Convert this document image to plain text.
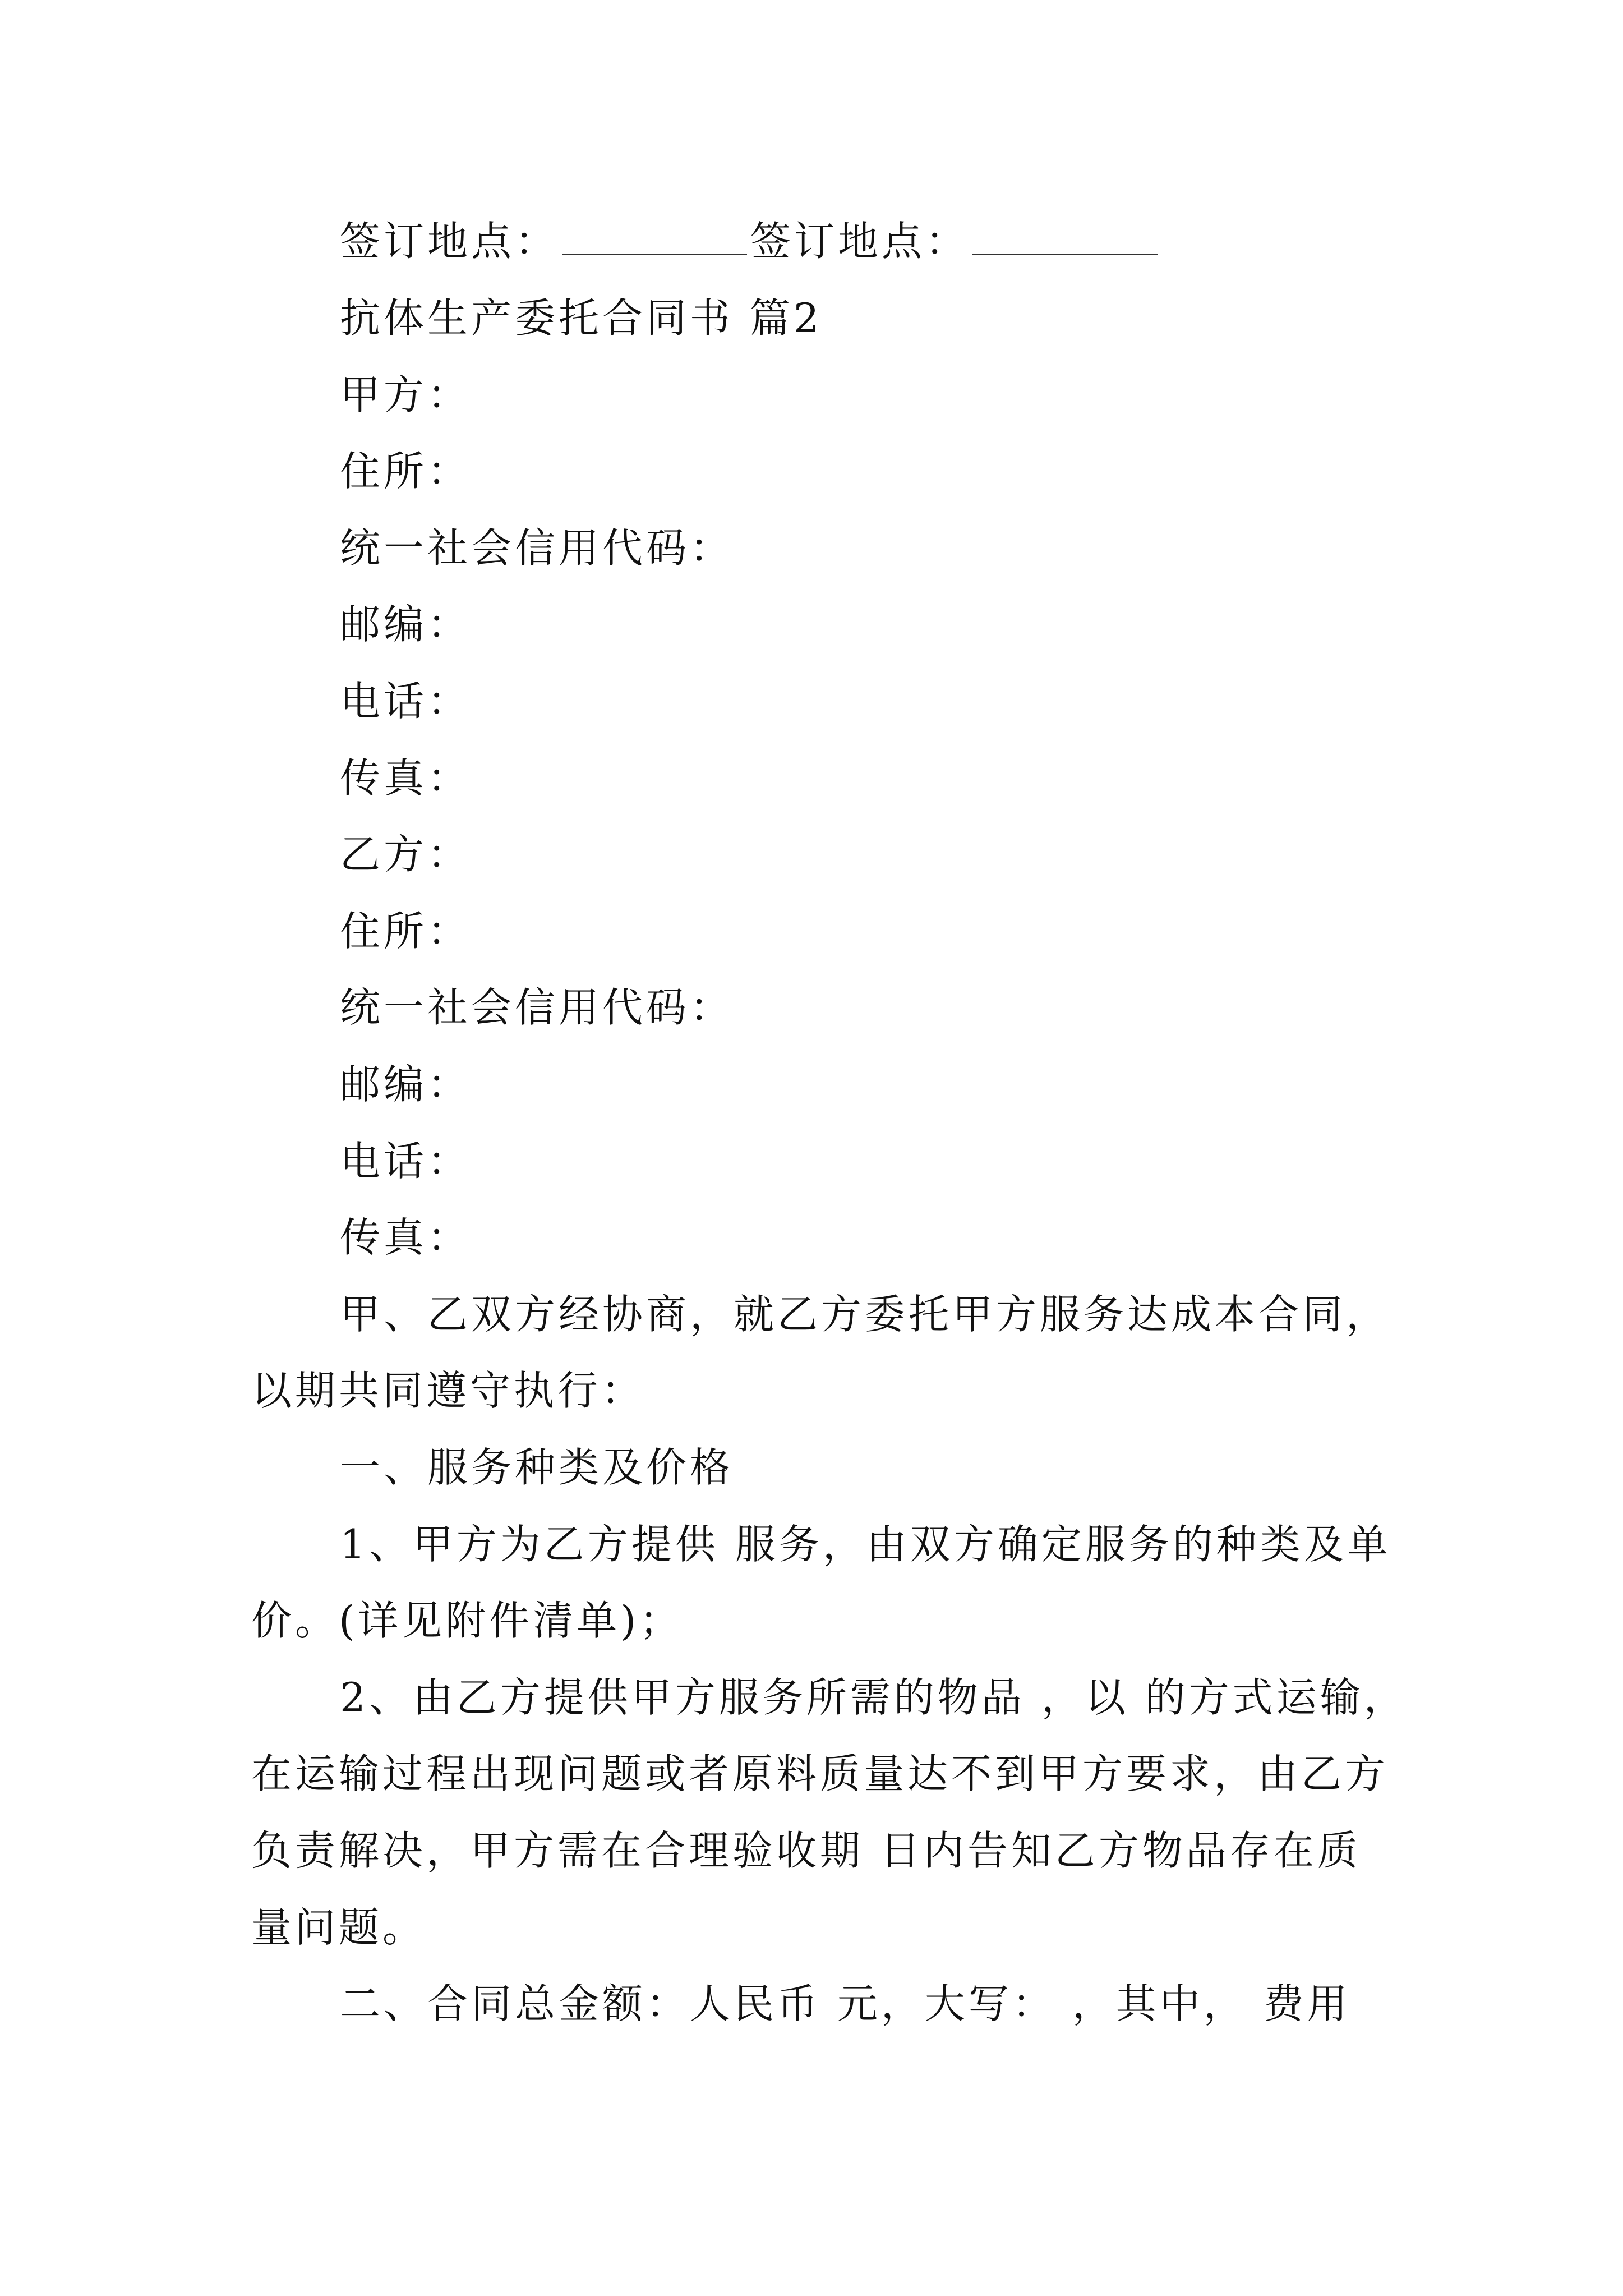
签订地点：	签订地点：
抗体生产委托合同书 篇2
甲方：
住所：
统一社会信用代码：
邮编：
电话：
传真：
乙方：
住所：
统一社会信用代码：
邮编：
电话：
传真：
甲、乙双方经协商，就乙方委托甲方服务达成本合同，
以期共同遵守执行：
一、服务种类及价格
1、甲方为乙方提供 服务，由双方确定服务的种类及单
价。(详见附件清单)；
2、由乙方提供甲方服务所需的物品 ，以 的方式运输，
在运输过程出现问题或者原料质量达不到甲方要求，由乙方
负责解决，甲方需在合理验收期 日内告知乙方物品存在质
量问题。
二、合同总金额：人民币 元，大写： ，其中， 费用
